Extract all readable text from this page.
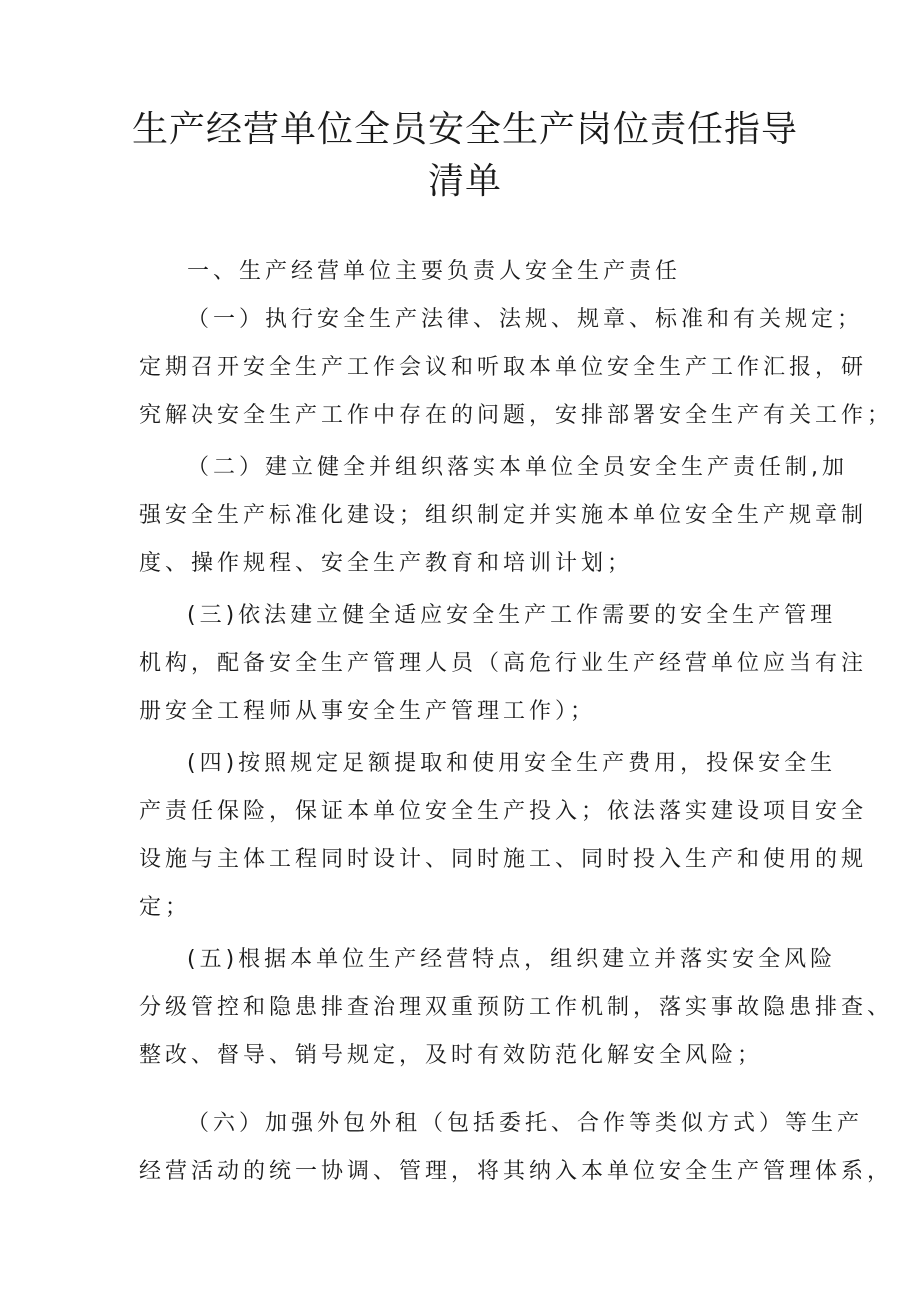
生产经营单位全员安全生产岗位责任指导
清单
一、生产经营单位主要负责人安全生产责任
（一）执行安全生产法律、法规、规章、标准和有关规定；
定期召开安全生产工作会议和听取本单位安全生产工作汇报，研
究解决安全生产工作中存在的问题，安排部署安全生产有关工作；
（二）建立健全并组织落实本单位全员安全生产责任制,加
强安全生产标准化建设；组织制定并实施本单位安全生产规章制
度、操作规程、安全生产教育和培训计划；
(三)依法建立健全适应安全生产工作需要的安全生产管理
机构，配备安全生产管理人员（高危行业生产经营单位应当有注
册安全工程师从事安全生产管理工作）；
(四)按照规定足额提取和使用安全生产费用，投保安全生
产责任保险，保证本单位安全生产投入；依法落实建设项目安全
设施与主体工程同时设计、同时施工、同时投入生产和使用的规
定；
(五)根据本单位生产经营特点，组织建立并落实安全风险
分级管控和隐患排查治理双重预防工作机制，落实事故隐患排查、
整改、督导、销号规定，及时有效防范化解安全风险；
（六）加强外包外租（包括委托、合作等类似方式）等生产
经营活动的统一协调、管理，将其纳入本单位安全生产管理体系，
